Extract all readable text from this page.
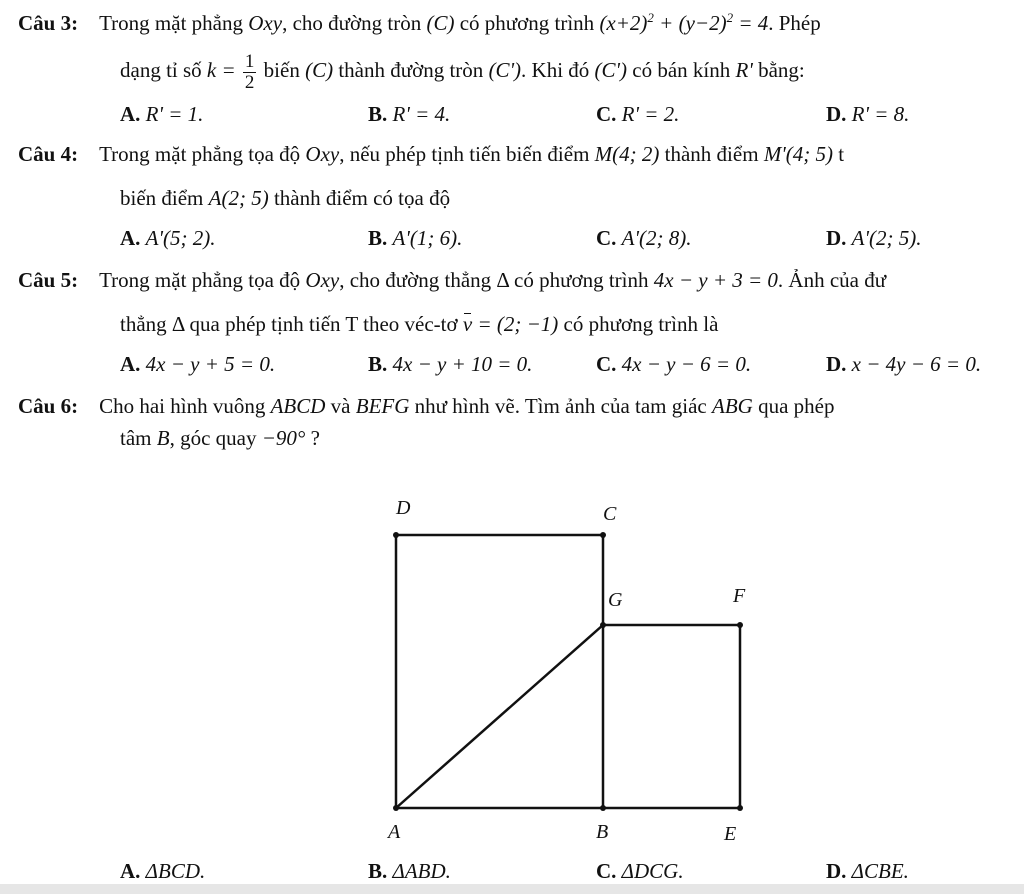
Câu 3: Trong mặt phẳng Oxy, cho đường tròn (C) có phương trình $(x+2)^2 + (y-2)^2 = 4$. Phép
dạng tỉ số $k = \frac{1}{2}$ biến (C) thành đường tròn (C'). Khi đó (C') có bán kính R' bằng:
A. R' = 1.	B. R' = 4.	C. R' = 2.	D. R' = 8.
Câu 4: Trong mặt phẳng tọa độ Oxy, nếu phép tịnh tiến biến điểm M(4; 2) thành điểm M'(4; 5) t
biến điểm A(2; 5) thành điểm có tọa độ
A. A'(5; 2).	B. A'(1; 6).	C. A'(2; 8).	D. A'(2; 5).
Câu 5: Trong mặt phẳng tọa độ Oxy, cho đường thẳng Δ có phương trình 4x − y + 3 = 0. Ảnh của đư
thẳng Δ qua phép tịnh tiến T theo véc-tơ v = (2; −1) có phương trình là
A. 4x − y + 5 = 0.	B. 4x − y + 10 = 0.	C. 4x − y − 6 = 0.	D. x − 4y − 6 = 0.
Câu 6: Cho hai hình vuông ABCD và BEFG như hình vẽ. Tìm ảnh của tam giác ABG qua phép
tâm B, góc quay −90° ?
D	C
G	F
A	B	E
A. ΔBCD.	B. ΔABD.	C. ΔDCG.	D. ΔCBE.
